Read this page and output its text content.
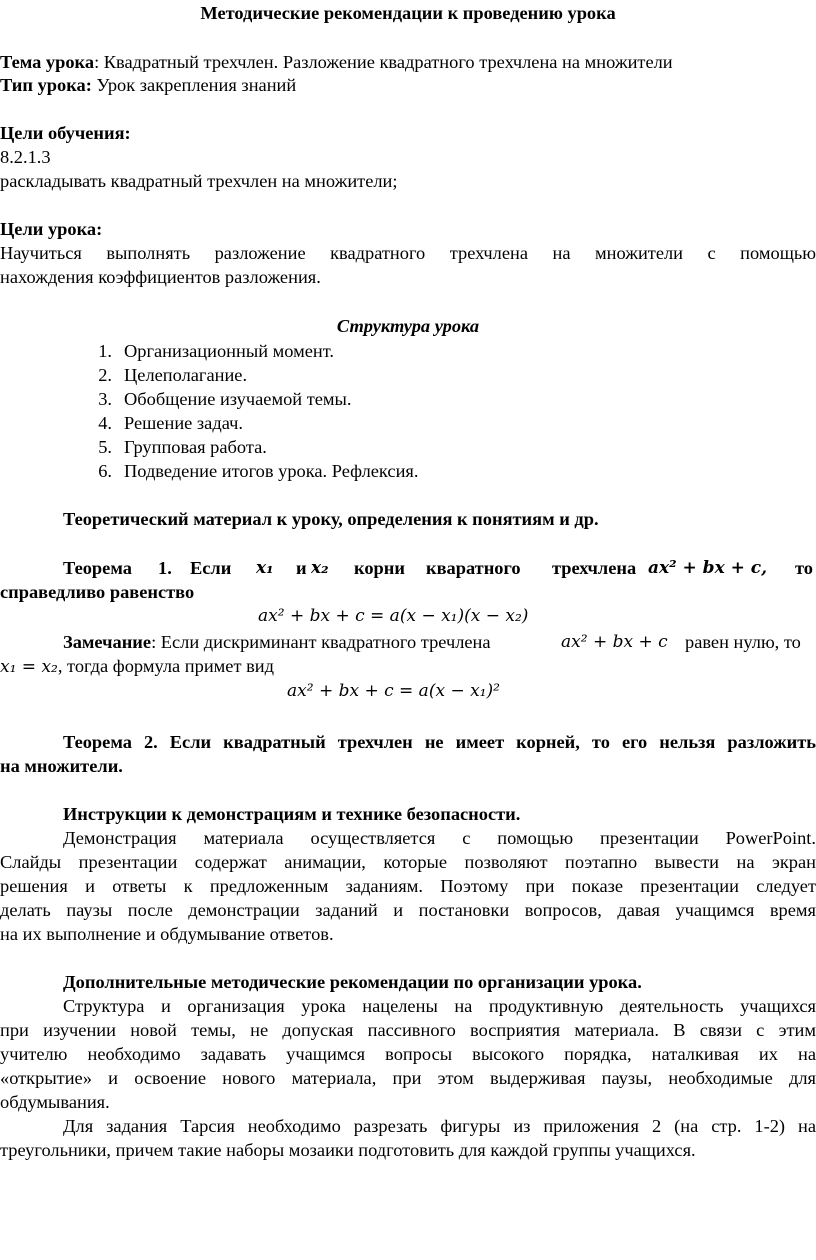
Методические рекомендации к проведению урока
Тема урока: Квадратный трехчлен. Разложение квадратного трехчлена на множители
Тип урока: Урок закрепления знаний
Цели обучения:
8.2.1.3
раскладывать квадратный трехчлен на множители;
Цели урока:
Научиться выполнять разложение квадратного трехчлена на множители с помощью
нахождения коэффициентов разложения.
Структура урока
1. Организационный момент.
2. Целеполагание.
3. Обобщение изучаемой темы.
4. Решение задач.
5. Групповая работа.
6. Подведение итогов урока. Рефлексия.
Теоретический материал к уроку, определения к понятиям и др.
Теорема 1. Если x₁ и x₂ корни кваратного трехчлена ax² + bx + c, то
справедливо равенство
ax² + bx + c = a(x − x₁)(x − x₂)
Замечание: Если дискриминант квадратного тречлена	ax² + bx + c равен нулю, то
x₁ = x₂, тогда формула примет вид
ax² + bx + c = a(x − x₁)²
Теорема 2. Если квадратный трехчлен не имеет корней, то его нельзя разложить
на множители.
Инструкции к демонстрациям и технике безопасности.
Демонстрация материала осуществляется с помощью презентации PowerPoint.
Слайды презентации содержат анимации, которые позволяют поэтапно вывести на экран
решения и ответы к предложенным заданиям. Поэтому при показе презентации следует
делать паузы после демонстрации заданий и постановки вопросов, давая учащимся время
на их выполнение и обдумывание ответов.
Дополнительные методические рекомендации по организации урока.
Структура и организация урока нацелены на продуктивную деятельность учащихся
при изучении новой темы, не допуская пассивного восприятия материала. В связи с этим
учителю необходимо задавать учащимся вопросы высокого порядка, наталкивая их на
«открытие» и освоение нового материала, при этом выдерживая паузы, необходимые для
обдумывания.
Для задания Тарсия необходимо разрезать фигуры из приложения 2 (на стр. 1-2) на
треугольники, причем такие наборы мозаики подготовить для каждой группы учащихся.
